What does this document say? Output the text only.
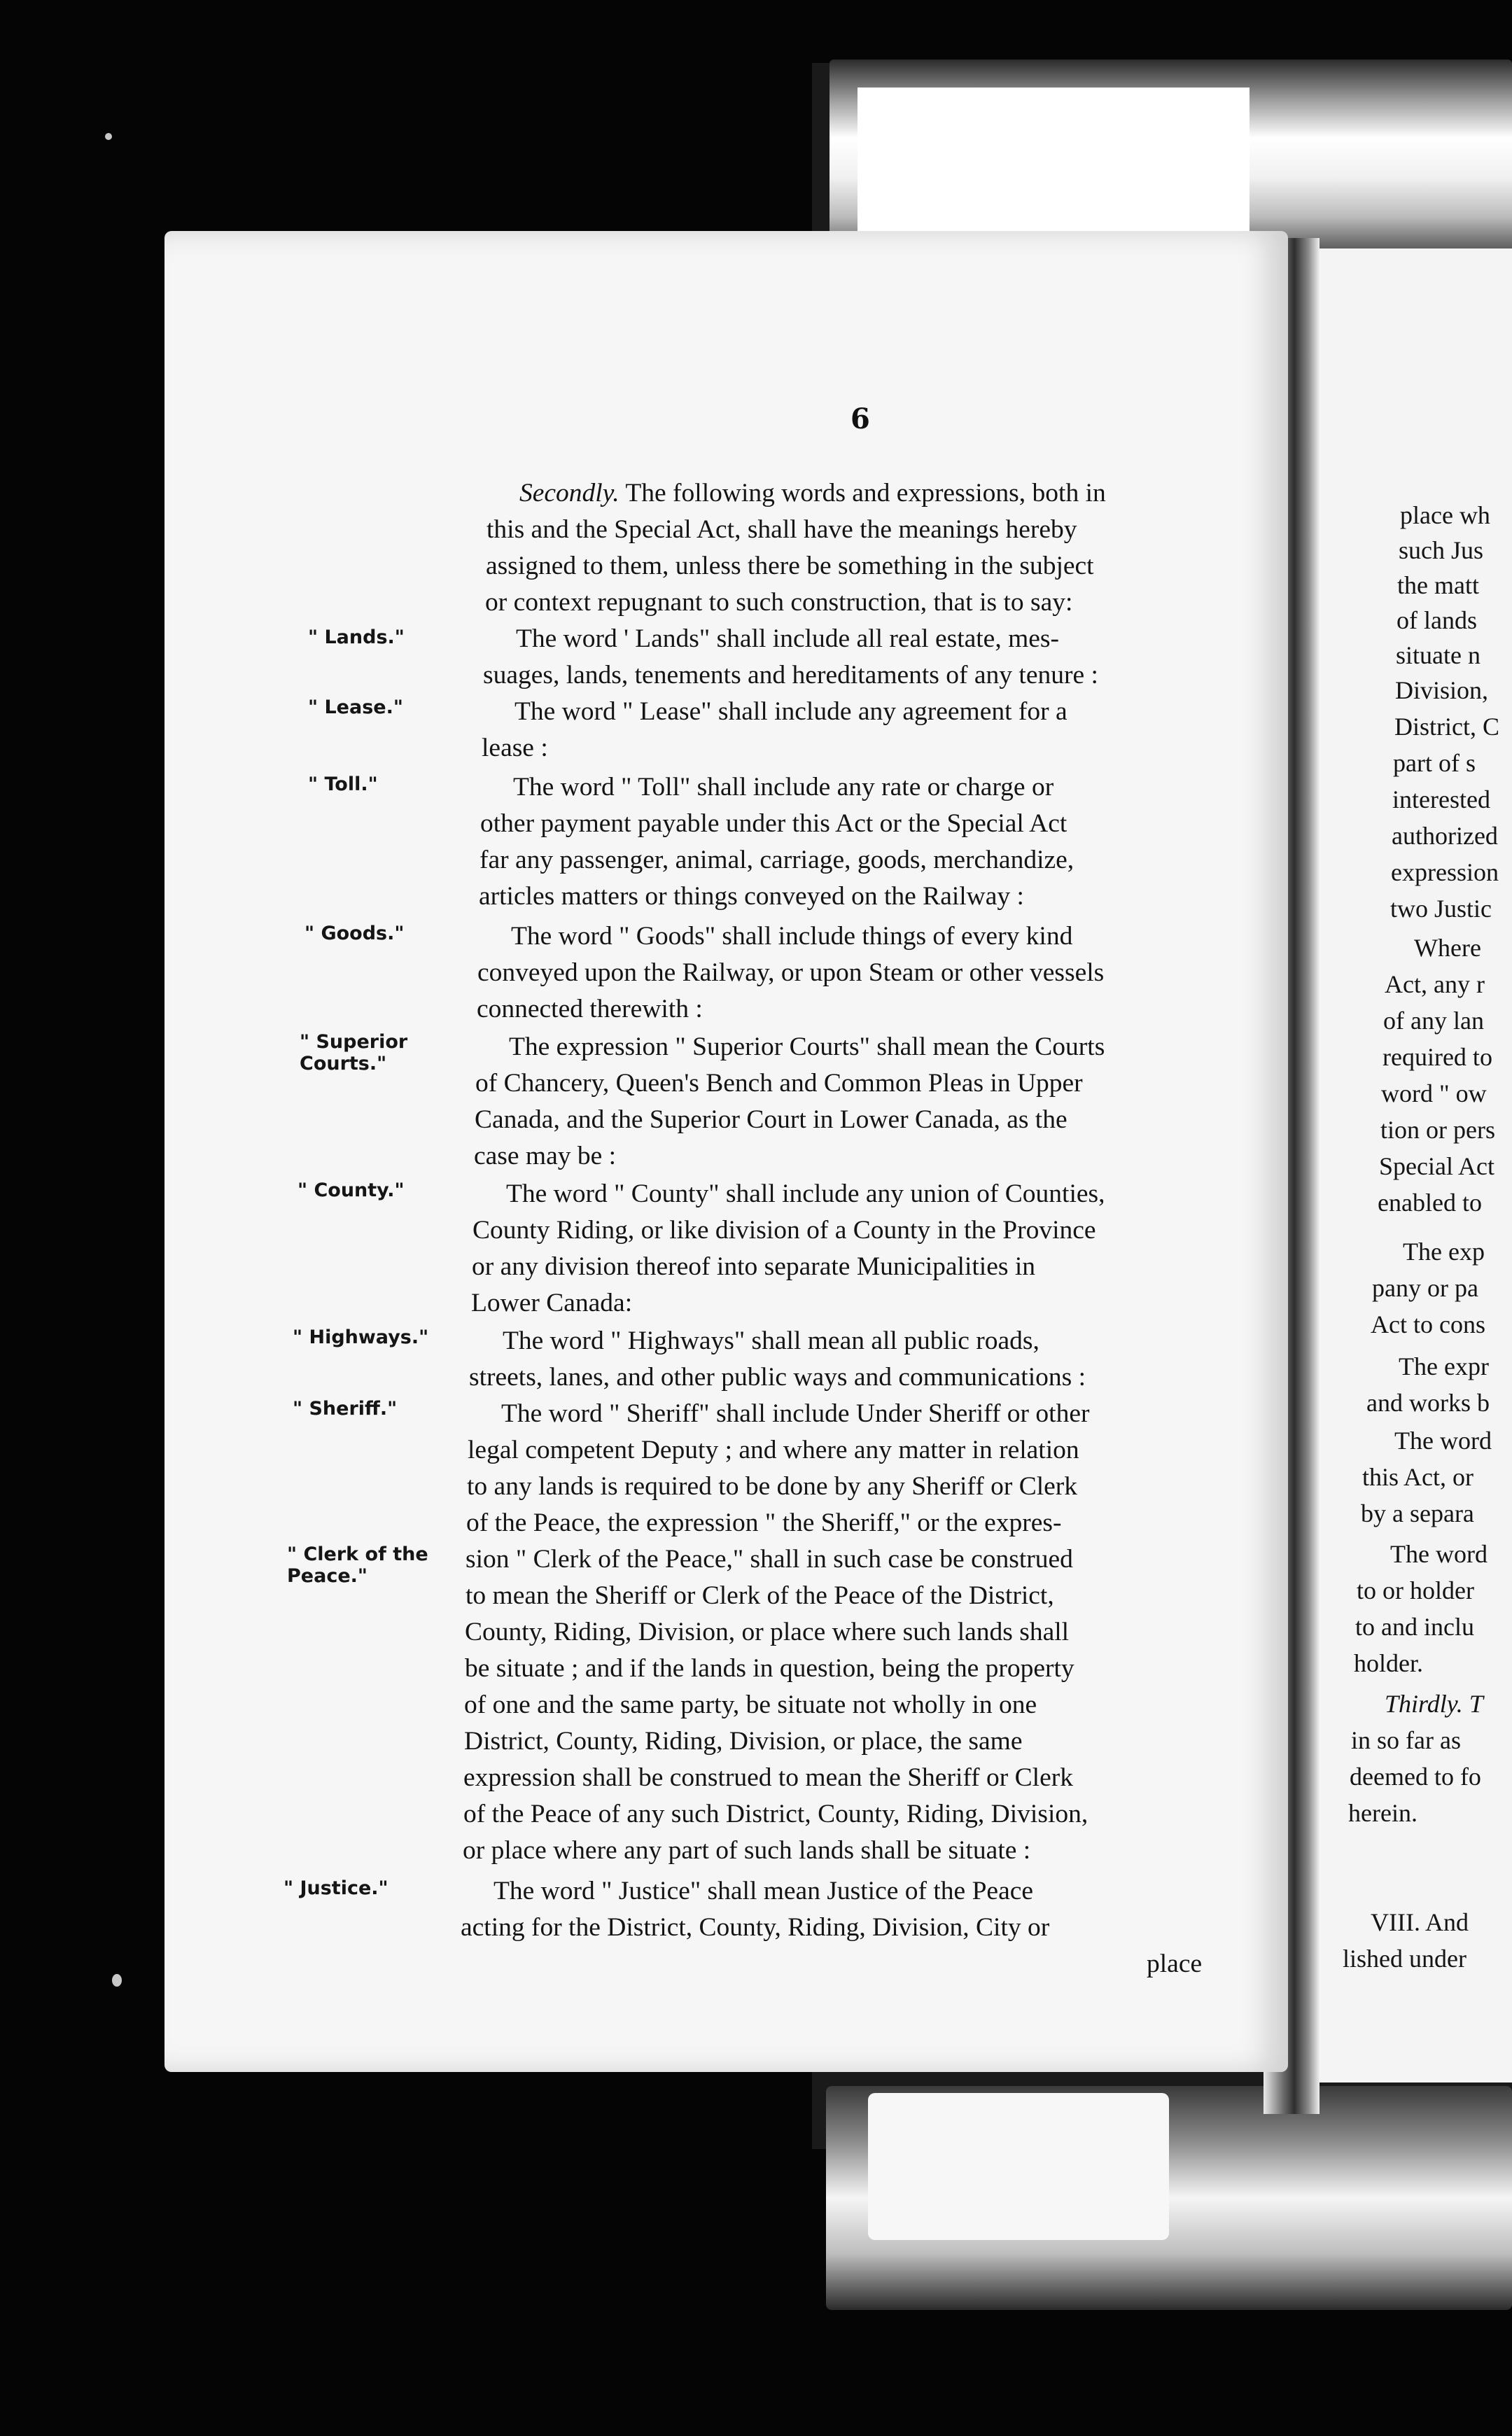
6
" Lands."
" Lease."
" Toll."
" Goods."
" Superior
Courts."
" County."
" Highways."
" Sheriff."
" Clerk of the
Peace."
" Justice."
Secondly. The following words and expressions, both in
this and the Special Act, shall have the meanings hereby
assigned to them, unless there be something in the subject
or context repugnant to such construction, that is to say:
The word ' Lands" shall include all real estate, mes-
suages, lands, tenements and hereditaments of any tenure :
The word " Lease" shall include any agreement for a
lease :
The word " Toll" shall include any rate or charge or
other payment payable under this Act or the Special Act
far any passenger, animal, carriage, goods, merchandize,
articles matters or things conveyed on the Railway :
The word " Goods" shall include things of every kind
conveyed upon the Railway, or upon Steam or other vessels
connected therewith :
The expression " Superior Courts" shall mean the Courts
of Chancery, Queen's Bench and Common Pleas in Upper
Canada, and the Superior Court in Lower Canada, as the
case may be :
The word " County" shall include any union of Counties,
County Riding, or like division of a County in the Province
or any division thereof into separate Municipalities in
Lower Canada:
The word " Highways" shall mean all public roads,
streets, lanes, and other public ways and communications :
The word " Sheriff" shall include Under Sheriff or other
legal competent Deputy ; and where any matter in relation
to any lands is required to be done by any Sheriff or Clerk
of the Peace, the expression " the Sheriff," or the expres-
sion " Clerk of the Peace," shall in such case be construed
to mean the Sheriff or Clerk of the Peace of the District,
County, Riding, Division, or place where such lands shall
be situate ; and if the lands in question, being the property
of one and the same party, be situate not wholly in one
District, County, Riding, Division, or place, the same
expression shall be construed to mean the Sheriff or Clerk
of the Peace of any such District, County, Riding, Division,
or place where any part of such lands shall be situate :
The word " Justice" shall mean Justice of the Peace
acting for the District, County, Riding, Division, City or
place
place wh
such Jus
the matt
of lands
situate n
Division,
District, C
part of s
interested
authorized
expression
two Justic
Where
Act, any r
of any lan
required to
word " ow
tion or pers
Special Act
enabled to
The exp
pany or pa
Act to cons
The expr
and works b
The word
this Act, or
by a separa
The word
to or holder
to and inclu
holder.
Thirdly. T
in so far as
deemed to fo
herein.
VIII. And
lished under
